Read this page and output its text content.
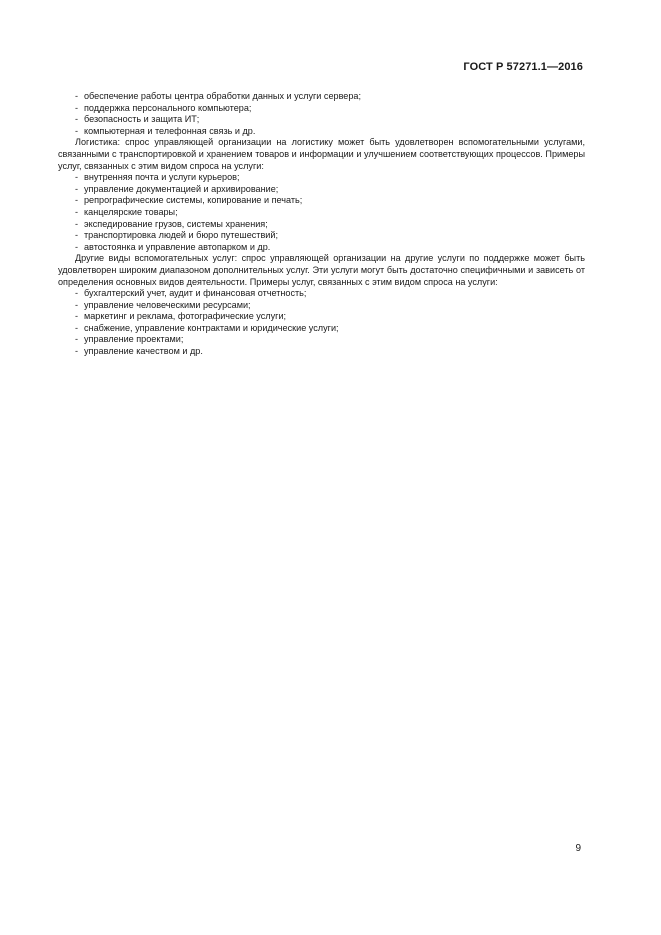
ГОСТ Р 57271.1—2016
- обеспечение работы центра обработки данных и услуги сервера;
- поддержка персонального компьютера;
- безопасность и защита ИТ;
- компьютерная и телефонная связь и др.

Логистика: спрос управляющей организации на логистику может быть удовлетворен вспомогательными услугами, связанными с транспортировкой и хранением товаров и информации и улучшением соответствующих процессов. Примеры услуг, связанных с этим видом спроса на услуги:

- внутренняя почта и услуги курьеров;
- управление документацией и архивирование;
- репрографические системы, копирование и печать;
- канцелярские товары;
- экспедирование грузов, системы хранения;
- транспортировка людей и бюро путешествий;
- автостоянка и управление автопарком и др.

Другие виды вспомогательных услуг: спрос управляющей организации на другие услуги по поддержке может быть удовлетворен широким диапазоном дополнительных услуг. Эти услуги могут быть достаточно специфичными и зависеть от определения основных видов деятельности. Примеры услуг, связанных с этим видом спроса на услуги:

- бухгалтерский учет, аудит и финансовая отчетность;
- управление человеческими ресурсами;
- маркетинг и реклама, фотографические услуги;
- снабжение, управление контрактами и юридические услуги;
- управление проектами;
- управление качеством и др.
9
